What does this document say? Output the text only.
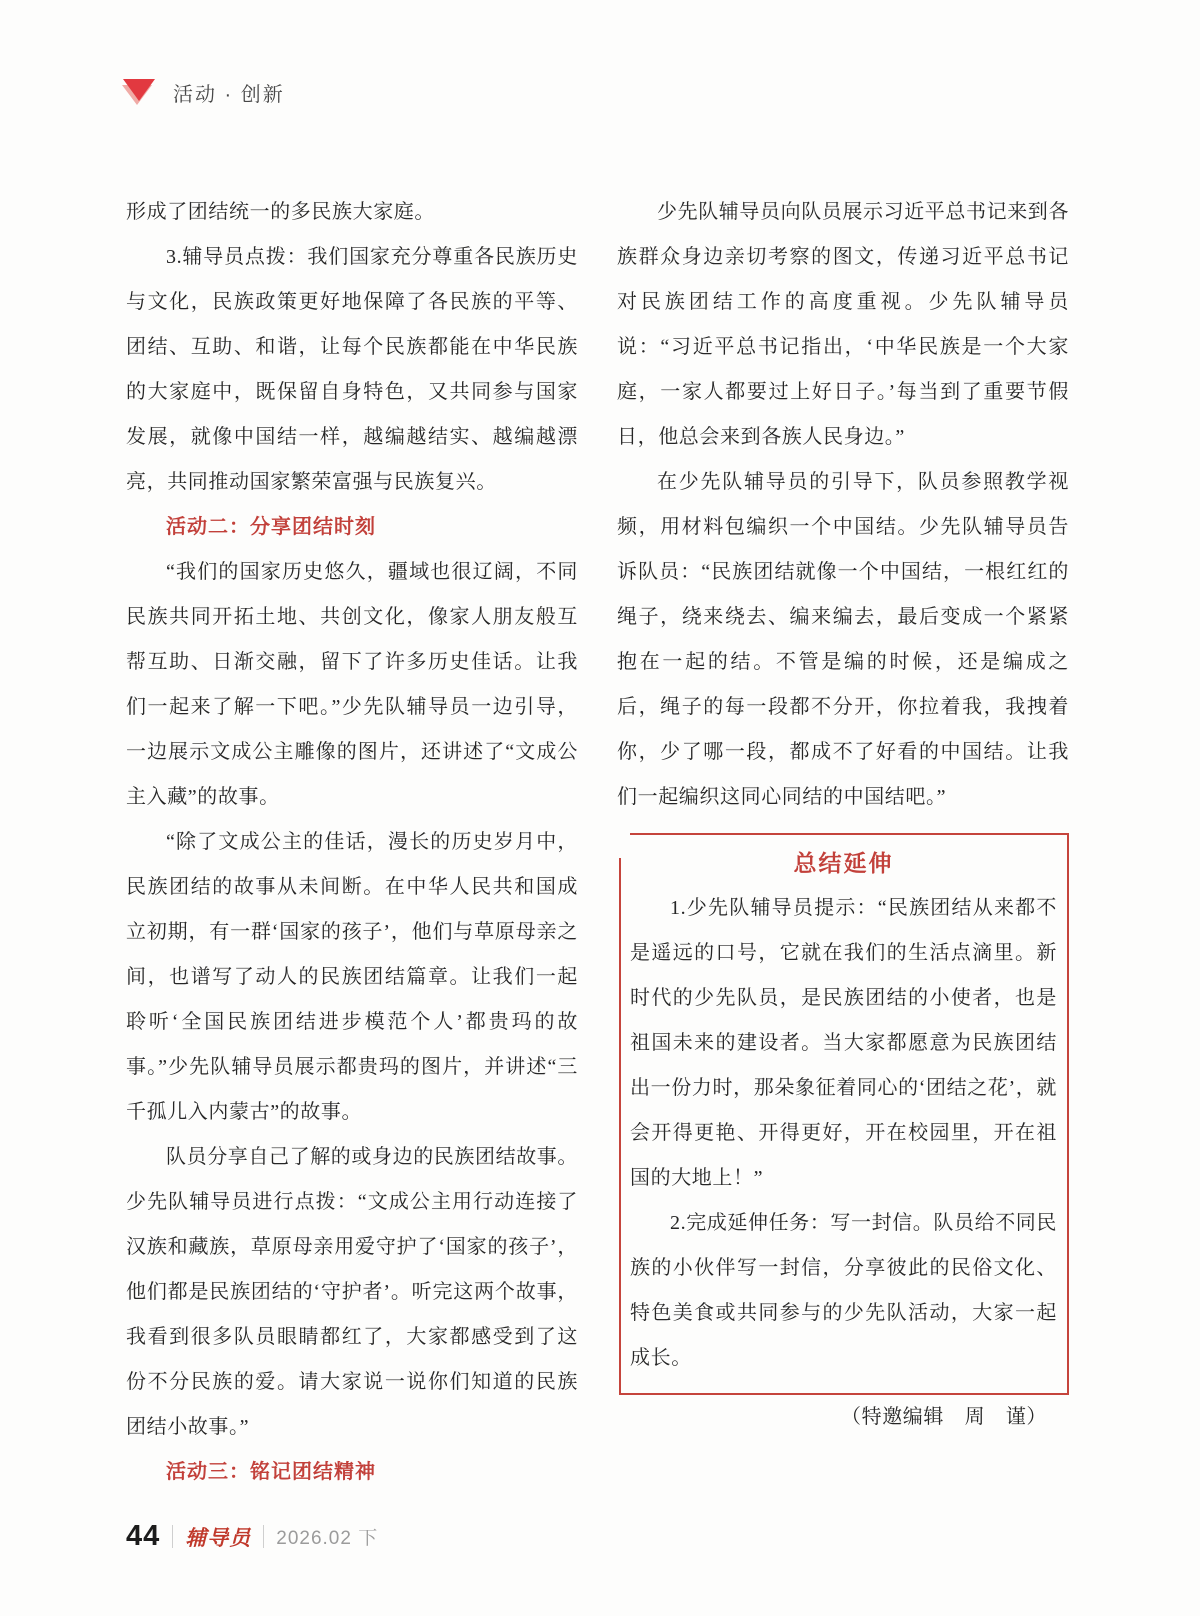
活动 · 创新

形成了团结统一的多民族大家庭。

3.辅导员点拨：我们国家充分尊重各民族历史与文化，民族政策更好地保障了各民族的平等、团结、互助、和谐，让每个民族都能在中华民族的大家庭中，既保留自身特色，又共同参与国家发展，就像中国结一样，越编越结实、越编越漂亮，共同推动国家繁荣富强与民族复兴。

活动二：分享团结时刻

“我们的国家历史悠久，疆域也很辽阔，不同民族共同开拓土地、共创文化，像家人朋友般互帮互助、日渐交融，留下了许多历史佳话。让我们一起来了解一下吧。”少先队辅导员一边引导，一边展示文成公主雕像的图片，还讲述了“文成公主入藏”的故事。

“除了文成公主的佳话，漫长的历史岁月中，民族团结的故事从未间断。在中华人民共和国成立初期，有一群‘国家的孩子’，他们与草原母亲之间，也谱写了动人的民族团结篇章。让我们一起聆听‘全国民族团结进步模范个人’都贵玛的故事。”少先队辅导员展示都贵玛的图片，并讲述“三千孤儿入内蒙古”的故事。

队员分享自己了解的或身边的民族团结故事。少先队辅导员进行点拨：“文成公主用行动连接了汉族和藏族，草原母亲用爱守护了‘国家的孩子’，他们都是民族团结的‘守护者’。听完这两个故事，我看到很多队员眼睛都红了，大家都感受到了这份不分民族的爱。请大家说一说你们知道的民族团结小故事。”

活动三：铭记团结精神

少先队辅导员向队员展示习近平总书记来到各族群众身边亲切考察的图文，传递习近平总书记对民族团结工作的高度重视。少先队辅导员说：“习近平总书记指出，‘中华民族是一个大家庭，一家人都要过上好日子。’每当到了重要节假日，他总会来到各族人民身边。”

在少先队辅导员的引导下，队员参照教学视频，用材料包编织一个中国结。少先队辅导员告诉队员：“民族团结就像一个中国结，一根红红的绳子，绕来绕去、编来编去，最后变成一个紧紧抱在一起的结。不管是编的时候，还是编成之后，绳子的每一段都不分开，你拉着我，我拽着你，少了哪一段，都成不了好看的中国结。让我们一起编织这同心同结的中国结吧。”

总结延伸

1.少先队辅导员提示：“民族团结从来都不是遥远的口号，它就在我们的生活点滴里。新时代的少先队员，是民族团结的小使者，也是祖国未来的建设者。当大家都愿意为民族团结出一份力时，那朵象征着同心的‘团结之花’，就会开得更艳、开得更好，开在校园里，开在祖国的大地上！”

2.完成延伸任务：写一封信。队员给不同民族的小伙伴写一封信，分享彼此的民俗文化、特色美食或共同参与的少先队活动，大家一起成长。

（特邀编辑　周　谨）

44 辅导员 2026.02 下
